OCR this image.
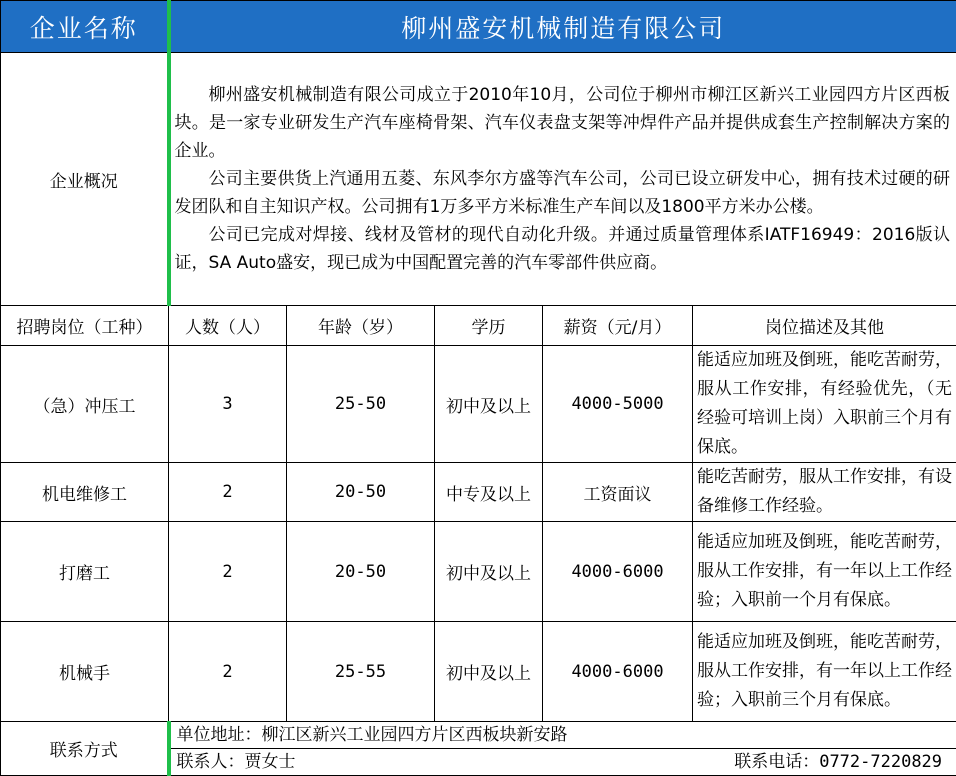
企业名称	柳州盛安机械制造有限公司				
企业概况	柳州盛安机械制造有限公司成立于2010年10月，公司位于柳州市柳江区新兴工业园四方片区西板块。是一家专业研发生产汽车座椅骨架、汽车仪表盘支架等冲焊件产品并提供成套生产控制解决方案的企业。

公司主要供货上汽通用五菱、东风李尔方盛等汽车公司，公司已设立研发中心，拥有技术过硬的研发团队和自主知识产权。公司拥有1万多平方米标准生产车间以及1800平方米办公楼。

公司已完成对焊接、线材及管材的现代自动化升级。并通过质量管理体系IATF16949：2016版认证，SA Auto盛安，现已成为中国配置完善的汽车零部件供应商。				

招聘岗位（工种）	人数（人）	年龄（岁）	学历	薪资（元/月）	岗位描述及其他
（急）冲压工	3	25-50	初中及以上	4000-5000	能适应加班及倒班，能吃苦耐劳，服从工作安排，有经验优先，（无经验可培训上岗）入职前三个月有保底。
机电维修工	2	20-50	中专及以上	工资面议	能吃苦耐劳，服从工作安排，有设备维修工作经验。
打磨工	2	20-50	初中及以上	4000-6000	能适应加班及倒班，能吃苦耐劳，服从工作安排，有一年以上工作经验；入职前一个月有保底。
机械手	2	25-55	初中及以上	4000-6000	能适应加班及倒班，能吃苦耐劳，服从工作安排，有一年以上工作经验；入职前三个月有保底。
联系方式	单位地址：柳江区新兴工业园四方片区西板块新安路
联系人：贾女士 联系电话：0772-7220829				
